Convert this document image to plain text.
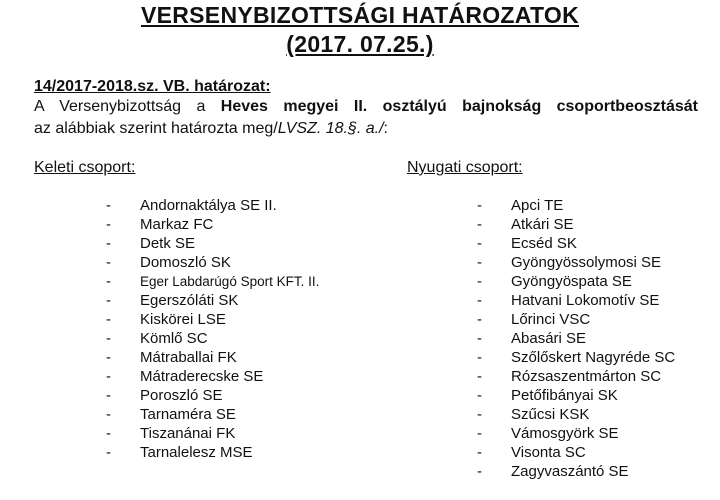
VERSENYBIZOTTSÁGI HATÁROZATOK
(2017. 07.25.)
14/2017-2018.sz. VB. határozat:
A Versenybizottság a Heves megyei II. osztályú bajnokság csoportbeosztását
az alábbiak szerint határozta meg/LVSZ. 18.§. a./:
Keleti csoport:	Nyugati csoport:
- Andornaktálya SE II.
- Markaz FC
- Detk SE
- Domoszló SK
- Eger Labdarúgó Sport KFT. II.
- Egerszóláti SK
- Kiskörei LSE
- Kömlő SC
- Mátraballai FK
- Mátraderecske SE
- Poroszló SE
- Tarnaméra SE
- Tiszanánai FK
- Tarnalelesz MSE
- Apci TE
- Atkári SE
- Ecséd SK
- Gyöngyössolymosi SE
- Gyöngyöspata SE
- Hatvani Lokomotív SE
- Lőrinci VSC
- Abasári SE
- Szőlőskert Nagyréde SC
- Rózsaszentmárton SC
- Petőfibányai SK
- Szűcsi KSK
- Vámosgyörk SE
- Visonta SC
- Zagyvaszántó SE
